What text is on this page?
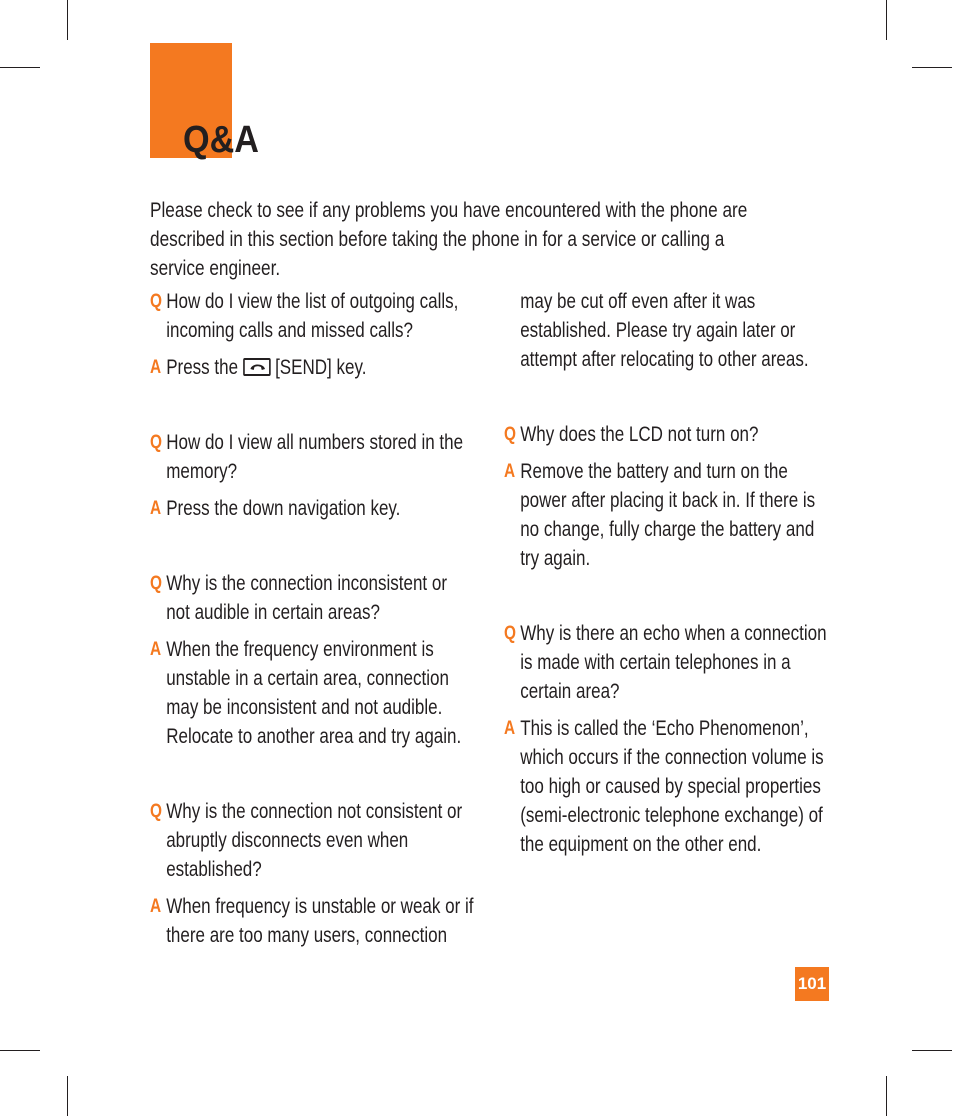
Q&A

Please check to see if any problems you have encountered with the phone are described in this section before taking the phone in for a service or calling a service engineer.

Q How do I view the list of outgoing calls, incoming calls and missed calls?
A Press the [SEND] key.
Q How do I view all numbers stored in the memory?
A Press the down navigation key.
Q Why is the connection inconsistent or not audible in certain areas?
A When the frequency environment is unstable in a certain area, connection may be inconsistent and not audible. Relocate to another area and try again.
Q Why is the connection not consistent or abruptly disconnects even when established?
A When frequency is unstable or weak or if there are too many users, connection
may be cut off even after it was established. Please try again later or attempt after relocating to other areas.
Q Why does the LCD not turn on?
A Remove the battery and turn on the power after placing it back in. If there is no change, fully charge the battery and try again.
Q Why is there an echo when a connection is made with certain telephones in a certain area?
A This is called the ‘Echo Phenomenon’, which occurs if the connection volume is too high or caused by special properties (semi-electronic telephone exchange) of the equipment on the other end.
101
